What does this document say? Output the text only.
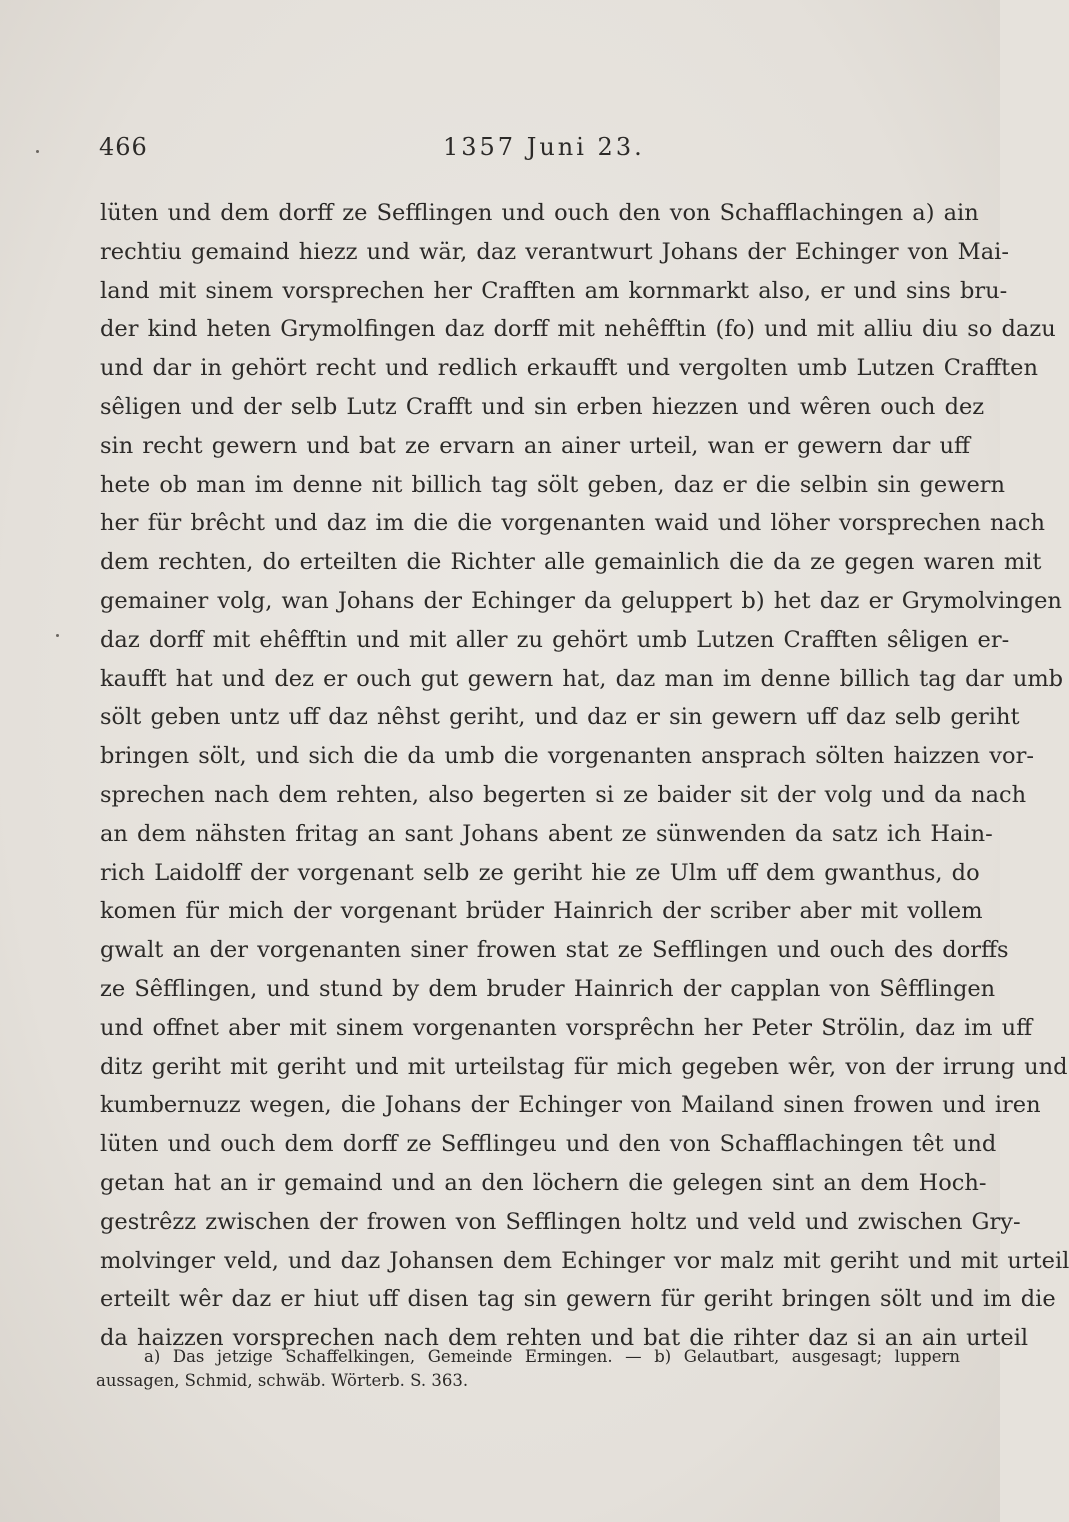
466	1357 Juni 23.
lüten und dem dorff ze Sefflingen und ouch den von Schafflachingen a) ain
rechtiu gemaind hiezz und wär, daz verantwurt Johans der Echinger von Mai-
land mit sinem vorsprechen her Crafften am kornmarkt also, er und sins bru-
der kind heten Grymolfingen daz dorff mit nehêfftin (fo) und mit alliu diu so dazu
und dar in gehört recht und redlich erkaufft und vergolten umb Lutzen Crafften
sêligen und der selb Lutz Crafft und sin erben hiezzen und wêren ouch dez
sin recht gewern und bat ze ervarn an ainer urteil, wan er gewern dar uff
hete ob man im denne nit billich tag sölt geben, daz er die selbin sin gewern
her für brêcht und daz im die die vorgenanten waid und löher vorsprechen nach
dem rechten, do erteilten die Richter alle gemainlich die da ze gegen waren mit
gemainer volg, wan Johans der Echinger da geluppert b) het daz er Grymolvingen
daz dorff mit ehêfftin und mit aller zu gehört umb Lutzen Crafften sêligen er-
kaufft hat und dez er ouch gut gewern hat, daz man im denne billich tag dar umb
sölt geben untz uff daz nêhst geriht, und daz er sin gewern uff daz selb geriht
bringen sölt, und sich die da umb die vorgenanten ansprach sölten haizzen vor-
sprechen nach dem rehten, also begerten si ze baider sit der volg und da nach
an dem nähsten fritag an sant Johans abent ze sünwenden da satz ich Hain-
rich Laidolff der vorgenant selb ze geriht hie ze Ulm uff dem gwanthus, do
komen für mich der vorgenant brüder Hainrich der scriber aber mit vollem
gwalt an der vorgenanten siner frowen stat ze Sefflingen und ouch des dorffs
ze Sêfflingen, und stund by dem bruder Hainrich der capplan von Sêfflingen
und offnet aber mit sinem vorgenanten vorsprêchn her Peter Strölin, daz im uff
ditz geriht mit geriht und mit urteilstag für mich gegeben wêr, von der irrung und
kumbernuzz wegen, die Johans der Echinger von Mailand sinen frowen und iren
lüten und ouch dem dorff ze Sefflingeu und den von Schafflachingen têt und
getan hat an ir gemaind und an den löchern die gelegen sint an dem Hoch-
gestrêzz zwischen der frowen von Sefflingen holtz und veld und zwischen Gry-
molvinger veld, und daz Johansen dem Echinger vor malz mit geriht und mit urteil
erteilt wêr daz er hiut uff disen tag sin gewern für geriht bringen sölt und im die
da haizzen vorsprechen nach dem rehten und bat die rihter daz si an ain urteil
a) Das jetzige Schaffelkingen, Gemeinde Ermingen. — b) Gelautbart, ausgesagt; luppern
aussagen, Schmid, schwäb. Wörterb. S. 363.
